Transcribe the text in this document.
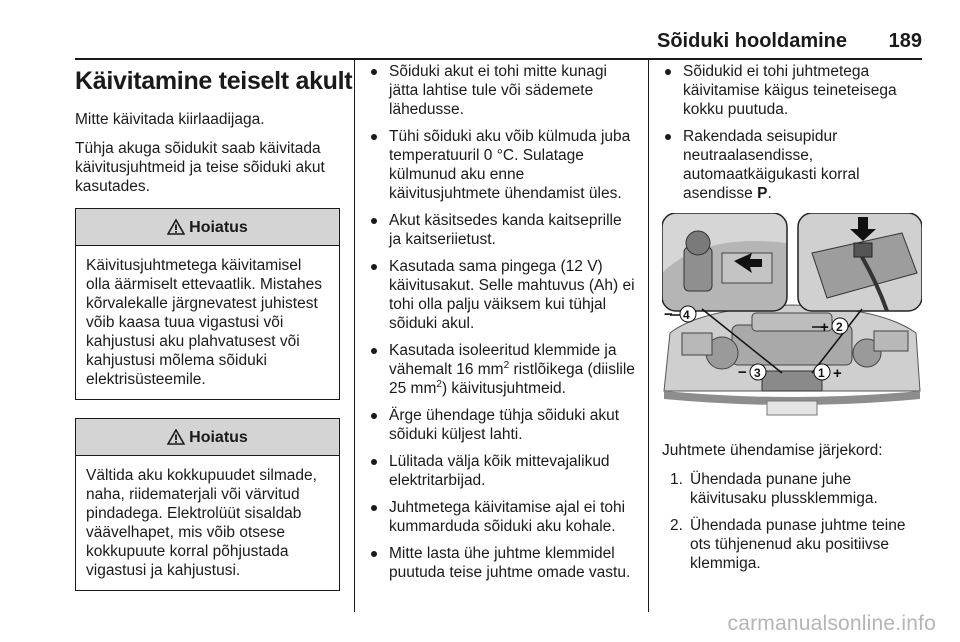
Sõiduki hooldamine 189
Käivitamine teiselt akult

Mitte käivitada kiirlaadijaga.

Tühja akuga sõidukit saab käivitada käivitusjuhtmeid ja teise sõiduki akut kasutades.

Hoiatus
Käivitusjuhtmetega käivitamisel olla äärmiselt ettevaatlik. Mistahes kõrvalekalle järgnevatest juhistest võib kaasa tuua vigastusi või kahjustusi aku plahvatusest või kahjustusi mõlema sõiduki elektrisüsteemile.
Hoiatus
Vältida aku kokkupuudet silmade, naha, riidematerjali või värvitud pindadega. Elektrolüüt sisaldab väävelhapet, mis võib otsese kokkupuute korral põhjustada vigastusi ja kahjustusi.
Sõiduki akut ei tohi mitte kunagi jätta lahtise tule või sädemete lähedusse.
Tühi sõiduki aku võib külmuda juba temperatuuril 0 °C. Sulatage külmunud aku enne käivitusjuhtmete ühendamist üles.
Akut käsitsedes kanda kaitseprille ja kaitseriietust.
Kasutada sama pingega (12 V) käivitusakut. Selle mahtuvus (Ah) ei tohi olla palju väiksem kui tühjal sõiduki akul.
Kasutada isoleeritud klemmide ja vähemalt 16 $mm^2$ ristlõikega (diislile 25 $mm^2$) käivitusjuhtmeid.
Ärge ühendage tühja sõiduki akut sõiduki küljest lahti.
Lülitada välja kõik mittevajalikud elektritarbijad.
Juhtmetega käivitamise ajal ei tohi kummarduda sõiduki aku kohale.
Mitte lasta ühe juhtme klemmidel puutuda teise juhtme omade vastu.
Sõidukid ei tohi juhtmetega käivitamise käigus teineteisega kokku puutuda.
Rakendada seisupidur neutraalasendisse, automaatkäigukasti korral asendisse P.
− 4
+ 2
− 3	1 +

Juhtmete ühendamise järjekord:

1. Ühendada punane juhe käivitusaku plussklemmiga.
2. Ühendada punase juhtme teine ots tühjenenud aku positiivse klemmiga.
carmanualsonline.info
